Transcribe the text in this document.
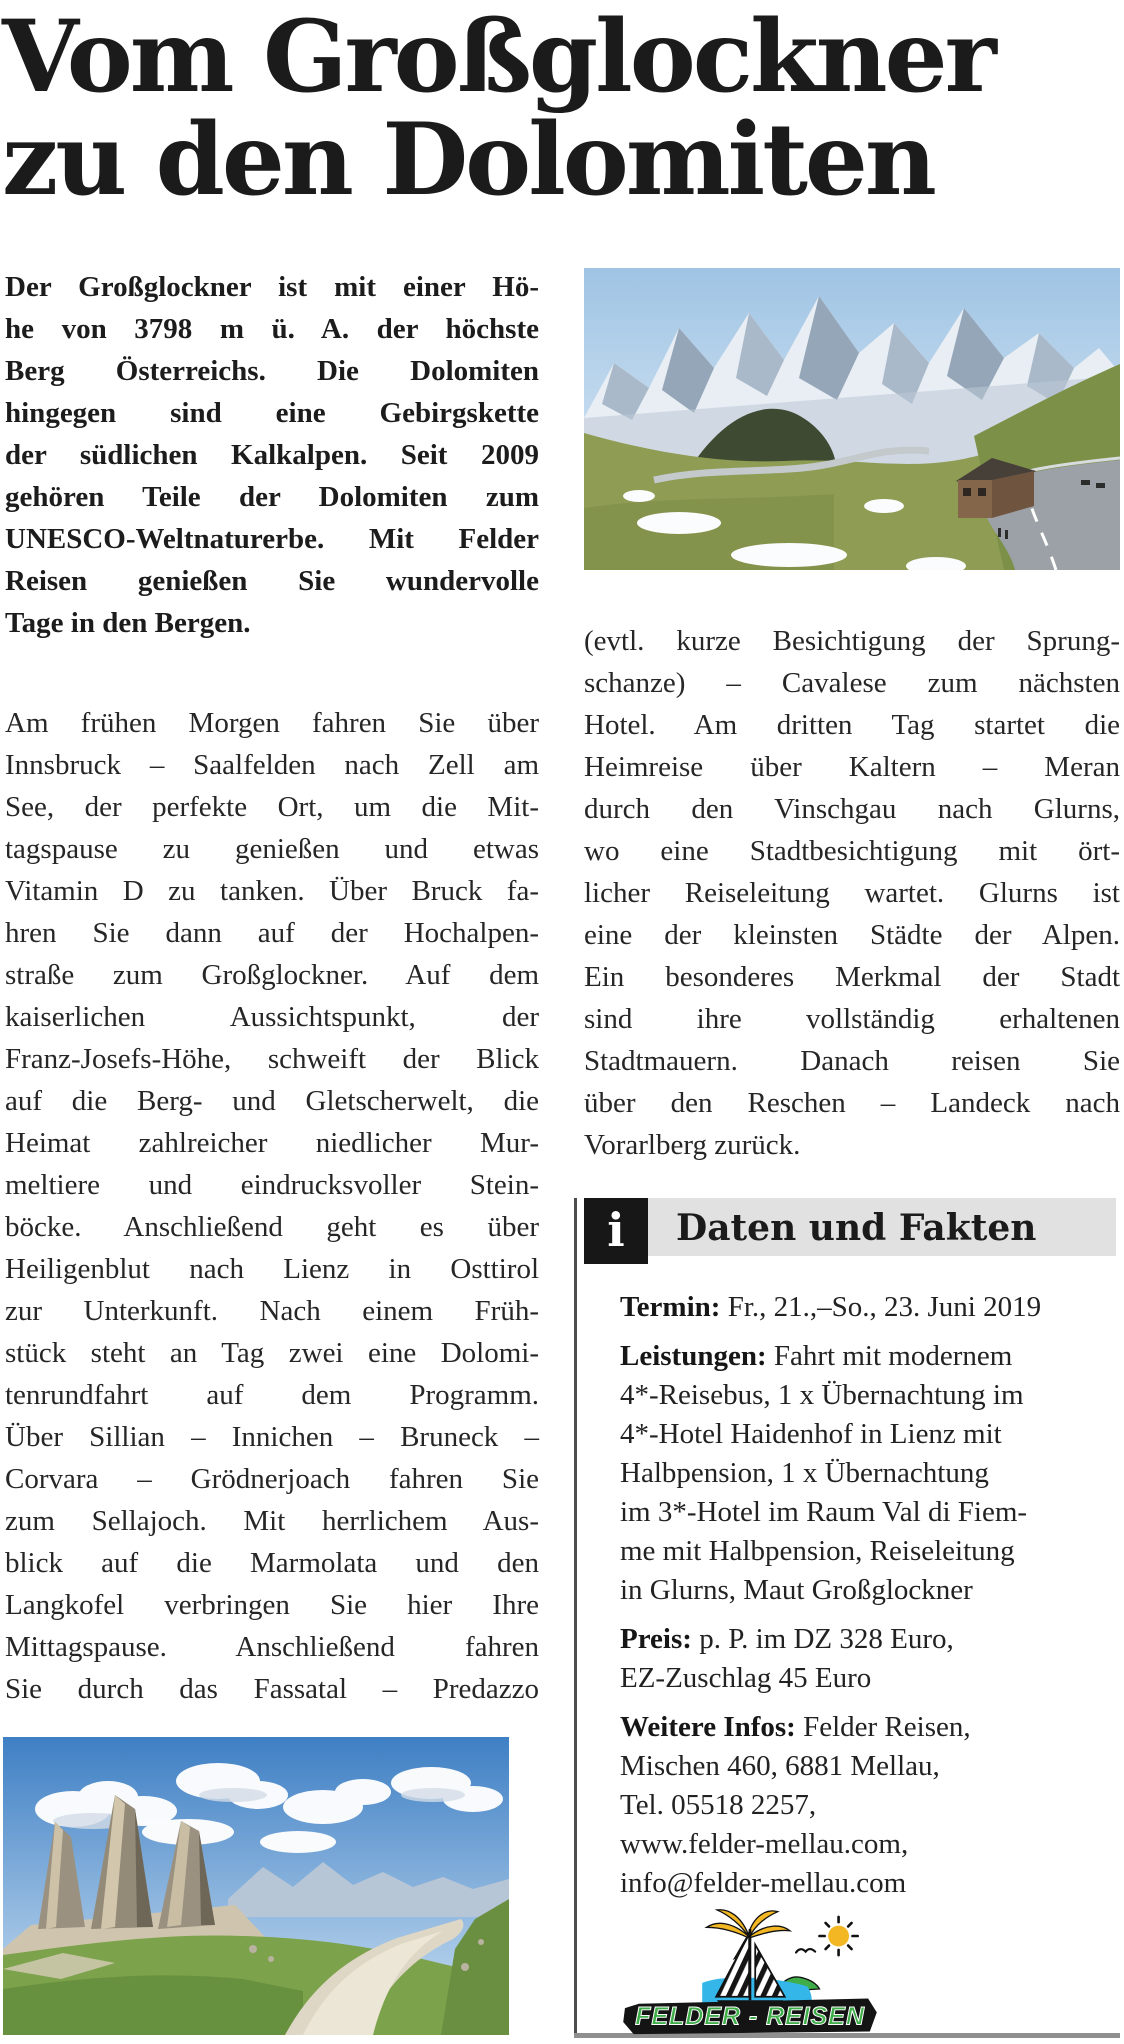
Vom Großglockner
zu den Dolomiten
Der Großglockner ist mit einer Hö-
he von 3798 m ü. A. der höchste
Berg Österreichs. Die Dolomiten
hingegen sind eine Gebirgskette
der südlichen Kalkalpen. Seit 2009
gehören Teile der Dolomiten zum
UNESCO-Weltnaturerbe. Mit Felder
Reisen genießen Sie wundervolle
Tage in den Bergen.
Am frühen Morgen fahren Sie über
Innsbruck – Saalfelden nach Zell am
See, der perfekte Ort, um die Mit-
tagspause zu genießen und etwas
Vitamin D zu tanken. Über Bruck fa-
hren Sie dann auf der Hochalpen-
straße zum Großglockner. Auf dem
kaiserlichen Aussichtspunkt, der
Franz-Josefs-Höhe, schweift der Blick
auf die Berg- und Gletscherwelt, die
Heimat zahlreicher niedlicher Mur-
meltiere und eindrucksvoller Stein-
böcke. Anschließend geht es über
Heiligenblut nach Lienz in Osttirol
zur Unterkunft. Nach einem Früh-
stück steht an Tag zwei eine Dolomi-
tenrundfahrt auf dem Programm.
Über Sillian – Innichen – Bruneck –
Corvara – Grödnerjoach fahren Sie
zum Sellajoch. Mit herrlichem Aus-
blick auf die Marmolata und den
Langkofel verbringen Sie hier Ihre
Mittagspause. Anschließend fahren
Sie durch das Fassatal – Predazzo
(evtl. kurze Besichtigung der Sprung-
schanze) – Cavalese zum nächsten
Hotel. Am dritten Tag startet die
Heimreise über Kaltern – Meran
durch den Vinschgau nach Glurns,
wo eine Stadtbesichtigung mit ört-
licher Reiseleitung wartet. Glurns ist
eine der kleinsten Städte der Alpen.
Ein besonderes Merkmal der Stadt
sind ihre vollständig erhaltenen
Stadtmauern. Danach reisen Sie
über den Reschen – Landeck nach
Vorarlberg zurück.
i	Daten und Fakten
Termin: Fr., 21.,–So., 23. Juni 2019
Leistungen: Fahrt mit modernem
4*-Reisebus, 1 x Übernachtung im
4*-Hotel Haidenhof in Lienz mit
Halbpension, 1 x Übernachtung
im 3*-Hotel im Raum Val di Fiem-
me mit Halbpension, Reiseleitung
in Glurns, Maut Großglockner
Preis: p. P. im DZ 328 Euro,
EZ-Zuschlag 45 Euro
Weitere Infos: Felder Reisen,
Mischen 460, 6881 Mellau,
Tel. 05518 2257,
www.felder-mellau.com,
info@felder-mellau.com
FELDER - REISEN
